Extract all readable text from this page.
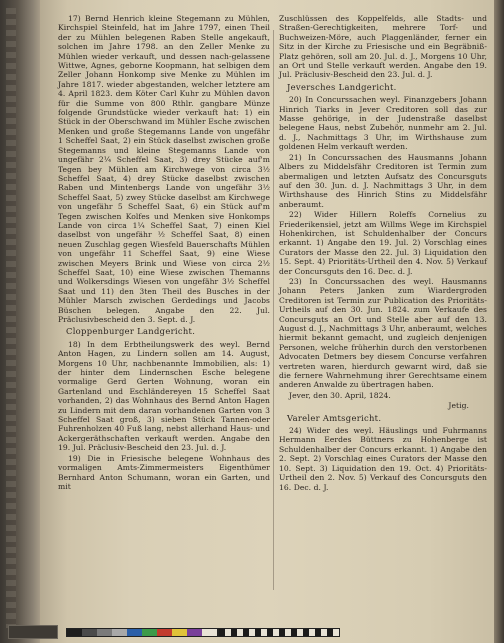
17) Bernd Henrich kleine Stegemann zu Mühlen, Kirchspiel Steinfeld, hat im Jahre 1797, einen Theil der zu Mühlen belegenen Raben Stelle angekauft, solchen im Jahre 1798. an den Zeller Menke zu Mühlen wieder verkauft, und dessen nach-gelassene Wittwe, Agnes, geborne Koopmann, hat selbigen dem Zeller Johann Honkomp sive Menke zu Mühlen im Jahre 1817. wieder abgestanden, welcher letztere am 4. April 1823. dem Köter Carl Kuhr zu Mühlen davon für die Summe von 800 Rthlr. gangbare Münze folgende Grundstücke wieder verkauft hat: 1) ein Stück in der Oberschwand im Mühler Esche zwischen Menken und große Stegemanns Lande von ungefähr 1 Scheffel Saat, 2) ein Stück daselbst zwischen große Stegemanns und kleine Stegemanns Lande von ungefähr 2¼ Scheffel Saat, 3) drey Stücke auf'm Tegen bey Mühlen am Kirchwege von circa 3½ Scheffel Saat, 4) drey Stücke daselbst zwischen Raben und Mintenbergs Lande von ungefähr 3½ Scheffel Saat, 5) zwey Stücke daselbst am Kirchwege von ungefähr 5 Scheffel Saat, 6) ein Stück auf'm Tegen zwischen Kolfes und Menken sive Honkomps Lande von circa 1¼ Scheffel Saat, 7) einen Kiel daselbst von ungefähr ½ Scheffel Saat, 8) einen neuen Zuschlag gegen Wiesfeld Bauerschafts Mühlen von ungefähr 11 Scheffel Saat, 9) eine Wiese zwischen Meyers Brink und Wiese von circa 2½ Scheffel Saat, 10) eine Wiese zwischen Themanns und Wolkersdings Wiesen von ungefähr 3½ Scheffel Saat und 11) den 3ten Theil des Busches in der Mühler Marsch zwischen Gerdedings und Jacobs Büschen belegen. Angabe den 22. Jul. Präclusivbescheid den 3. Sept. d. J.

Cloppenburger Landgericht.

18) In dem Erbtheilungswerk des weyl. Bernd Anton Hagen, zu Lindern sollen am 14. August, Morgens 10 Uhr, nachbenannte Immobilien, als: 1) der hinter dem Lindernschen Esche belegene vormalige Gerd Gerten Wohnung, woran ein Gartenland und Eschländereyen 15 Scheffel Saat vorhanden, 2) das Wohnhaus des Bernd Anton Hagen zu Lindern mit dem daran vorhandenen Garten von 3 Scheffel Saat groß, 3) sieben Stück Tannen-oder Fuhrenholzen 40 Fuß lang, nebst allerhand Haus- und Ackergeräthschaften verkauft werden. Angabe den 19. Jul. Präclusiv-Bescheid den 23. Jul. d. J.

19) Die in Friesische belegene Wohnhaus des vormaligen Amts-Zimmermeisters Eigenthümer Bernhard Anton Schumann, woran ein Garten, und mit

Zuschlüssen des Koppelfelds, alle Stadts- und Straßen-Gerechtigkeiten, mehrere Torf- und Buchweizen-Möre, auch Plaggenländer, ferner ein Sitz in der Kirche zu Friesische und ein Begräbniß-Platz gehören, soll am 20. Jul. d. J., Morgens 10 Uhr, an Ort und Stelle verkauft werden. Angabe den 19. Jul. Präclusiv-Bescheid den 23. Jul. d. J.

Jeversches Landgericht.

20) In Concurssachen weyl. Finanzgebers Johann Hinrich Tiarks in Jever Creditoren soll das zur Masse gehörige, in der Judenstraße daselbst belegene Haus, nebst Zubehör, nunmehr am 2. Jul. d. J., Nachmittags 3 Uhr, im Wirthshause zum goldenen Helm verkauft werden.

21) In Concurssachen des Hausmanns Johann Albers zu Middelsfähr Creditoren ist Termin zum abermaligen und letzten Aufsatz des Concursguts auf den 30. Jun. d. J. Nachmittags 3 Uhr, in dem Wirthshause des Hinrich Stins zu Middelsfähr anberaumt.

22) Wider Hillern Roleffs Cornelius zu Friederikensiel, jetzt am Willms Wege im Kirchspiel Hohenkirchen, ist Schuldenhalber der Concurs erkannt. 1) Angabe den 19. Jul. 2) Vorschlag eines Curators der Masse den 22. Jul. 3) Liquidation den 15. Sept. 4) Prioritäts-Urtheil den 4. Nov. 5) Verkauf der Concursguts den 16. Dec. d. J.

23) In Concurssachen des weyl. Hausmanns Johann Peters Janken zum Wiardergroden Creditoren ist Termin zur Publication des Prioritäts-Urtheils auf den 30. Jun. 1824. zum Verkaufe des Concursguts an Ort und Stelle aber auf den 13. August d. J., Nachmittags 3 Uhr, anberaumt, welches hiermit bekannt gemacht, und zugleich denjenigen Personen, welche früherhin durch den verstorbenen Advocaten Detmers bey diesem Concurse verfahren vertreten waren, hierdurch gewarnt wird, daß sie die fernere Wahrnehmung ihrer Gerechtsame einem anderen Anwalde zu übertragen haben.

Jever, den 30. April, 1824.

Jetig.

Vareler Amtsgericht.

24) Wider des weyl. Häuslings und Fuhrmanns Hermann Eerdes Büttners zu Hohenberge ist Schuldenhalber der Concurs erkannt. 1) Angabe den 2. Sept. 2) Vorschlag eines Curators der Masse den 10. Sept. 3) Liquidation den 19. Oct. 4) Prioritäts-Urtheil den 2. Nov. 5) Verkauf des Concursguts den 16. Dec. d. J.
